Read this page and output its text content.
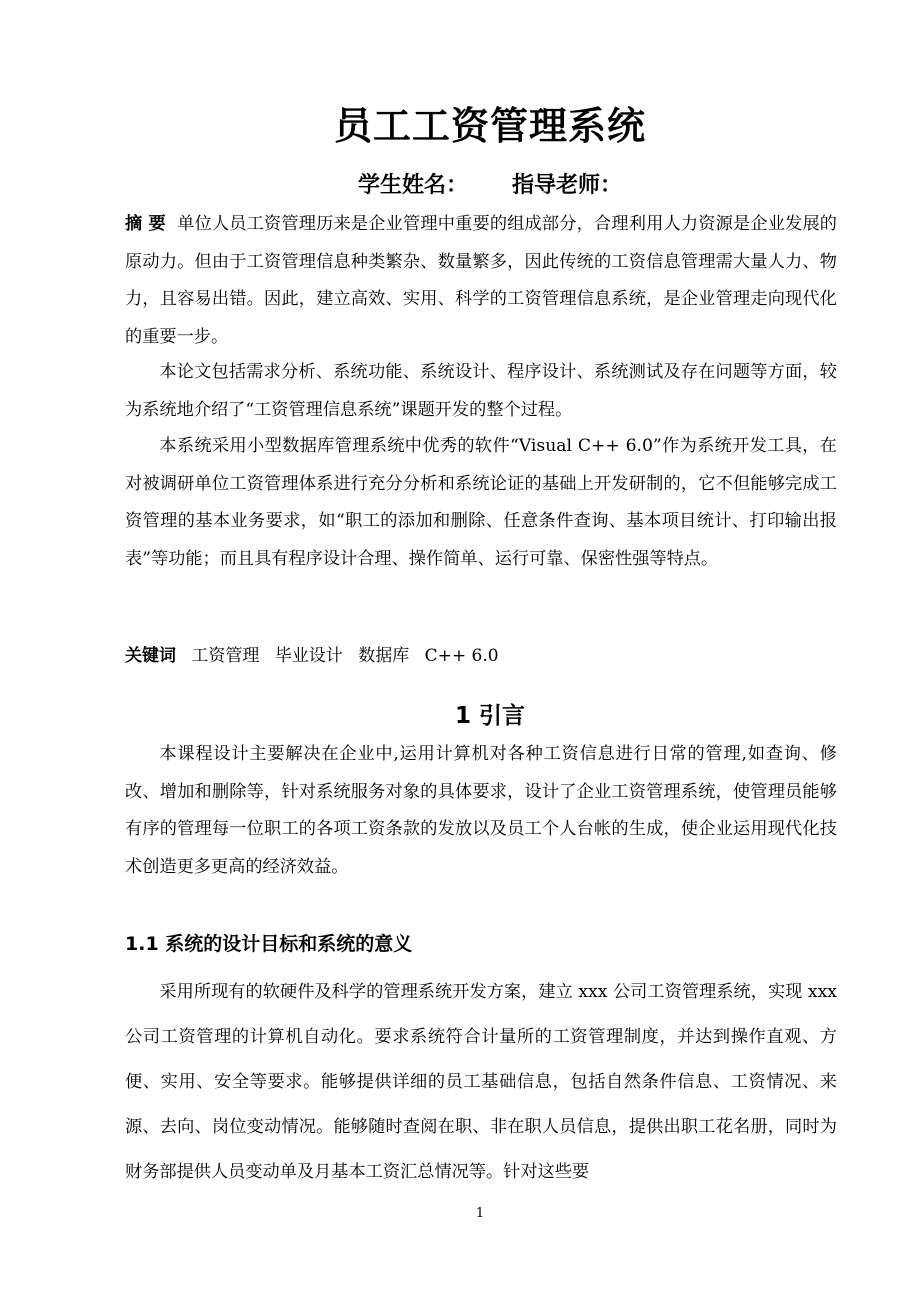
员工工资管理系统
学生姓名： 指导老师：

摘 要 单位人员工资管理历来是企业管理中重要的组成部分，合理利用人力资源是企业发展的原动力。但由于工资管理信息种类繁杂、数量繁多，因此传统的工资信息管理需大量人力、物力，且容易出错。因此，建立高效、实用、科学的工资管理信息系统，是企业管理走向现代化的重要一步。

本论文包括需求分析、系统功能、系统设计、程序设计、系统测试及存在问题等方面，较为系统地介绍了“工资管理信息系统”课题开发的整个过程。

本系统采用小型数据库管理系统中优秀的软件“Visual C++ 6.0”作为系统开发工具，在对被调研单位工资管理体系进行充分分析和系统论证的基础上开发研制的，它不但能够完成工资管理的基本业务要求，如“职工的添加和删除、任意条件查询、基本项目统计、打印输出报表”等功能；而且具有程序设计合理、操作简单、运行可靠、保密性强等特点。

关键词 工资管理 毕业设计 数据库 C++ 6.0
1 引言

本课程设计主要解决在企业中,运用计算机对各种工资信息进行日常的管理,如查询、修改、增加和删除等，针对系统服务对象的具体要求，设计了企业工资管理系统，使管理员能够有序的管理每一位职工的各项工资条款的发放以及员工个人台帐的生成，使企业运用现代化技术创造更多更高的经济效益。

1.1 系统的设计目标和系统的意义

采用所现有的软硬件及科学的管理系统开发方案，建立 xxx 公司工资管理系统，实现 xxx 公司工资管理的计算机自动化。要求系统符合计量所的工资管理制度，并达到操作直观、方便、实用、安全等要求。能够提供详细的员工基础信息，包括自然条件信息、工资情况、来源、去向、岗位变动情况。能够随时查阅在职、非在职人员信息，提供出职工花名册，同时为财务部提供人员变动单及月基本工资汇总情况等。针对这些要

1
